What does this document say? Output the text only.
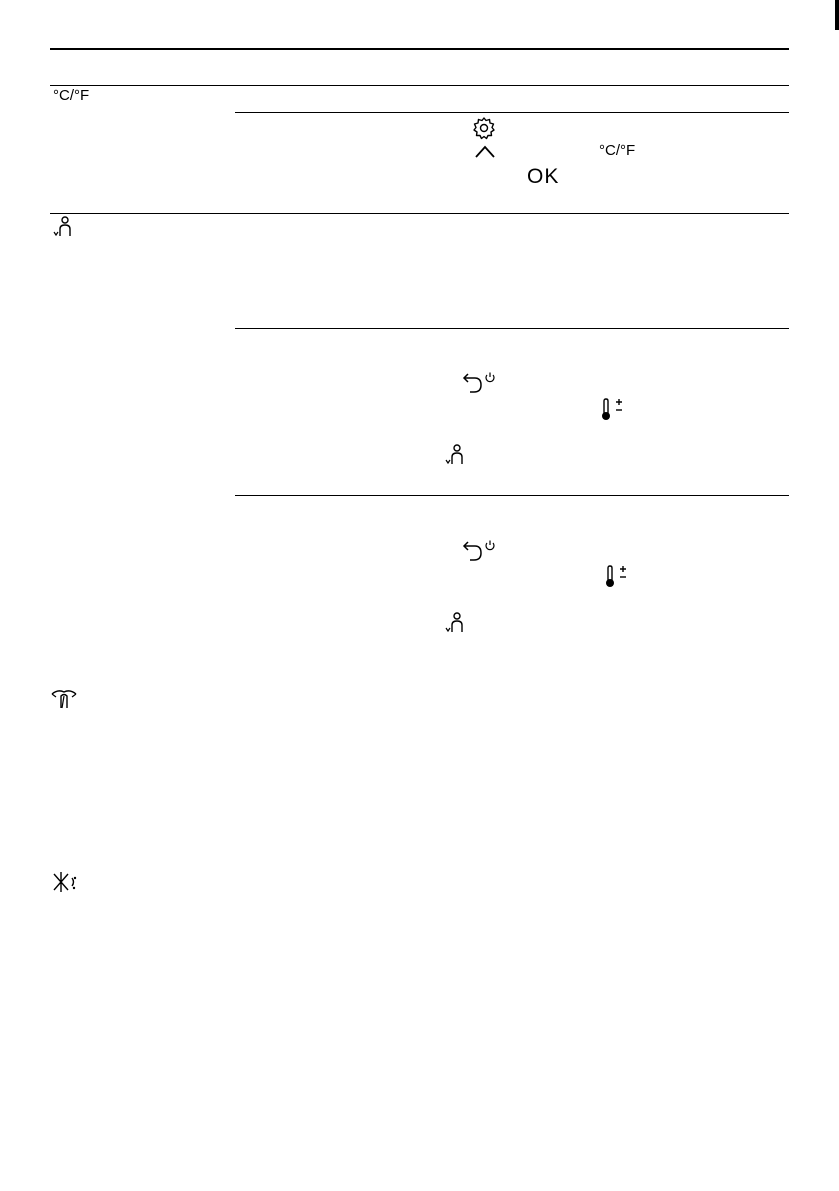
°C/°F
°C/°F
OK
